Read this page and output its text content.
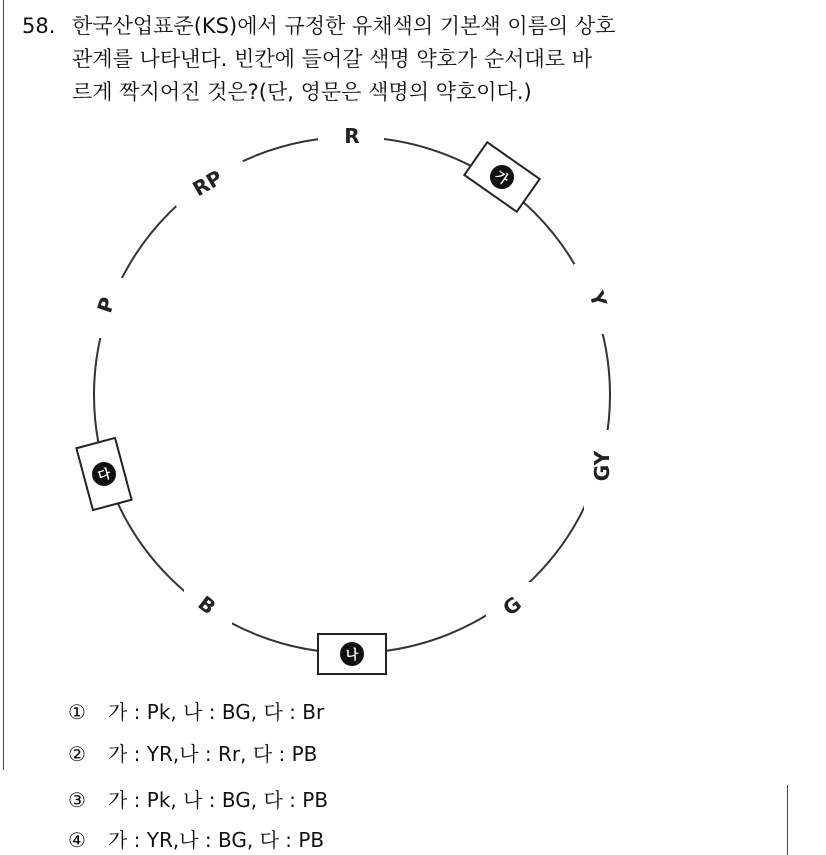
58. 한국산업표준(KS)에서 규정한 유채색의 기본색 이름의 상호
관계를 나타낸다. 빈칸에 들어갈 색명 약호가 순서대로 바
르게 짝지어진 것은?(단, 영문은 색명의 약호이다.)
R
RP
P	Y
GY
G
B
가
나
다
① 가 : Pk, 나 : BG, 다 : Br
② 가 : YR,나 : Rr, 다 : PB
③ 가 : Pk, 나 : BG, 다 : PB
④ 가 : YR,나 : BG, 다 : PB
